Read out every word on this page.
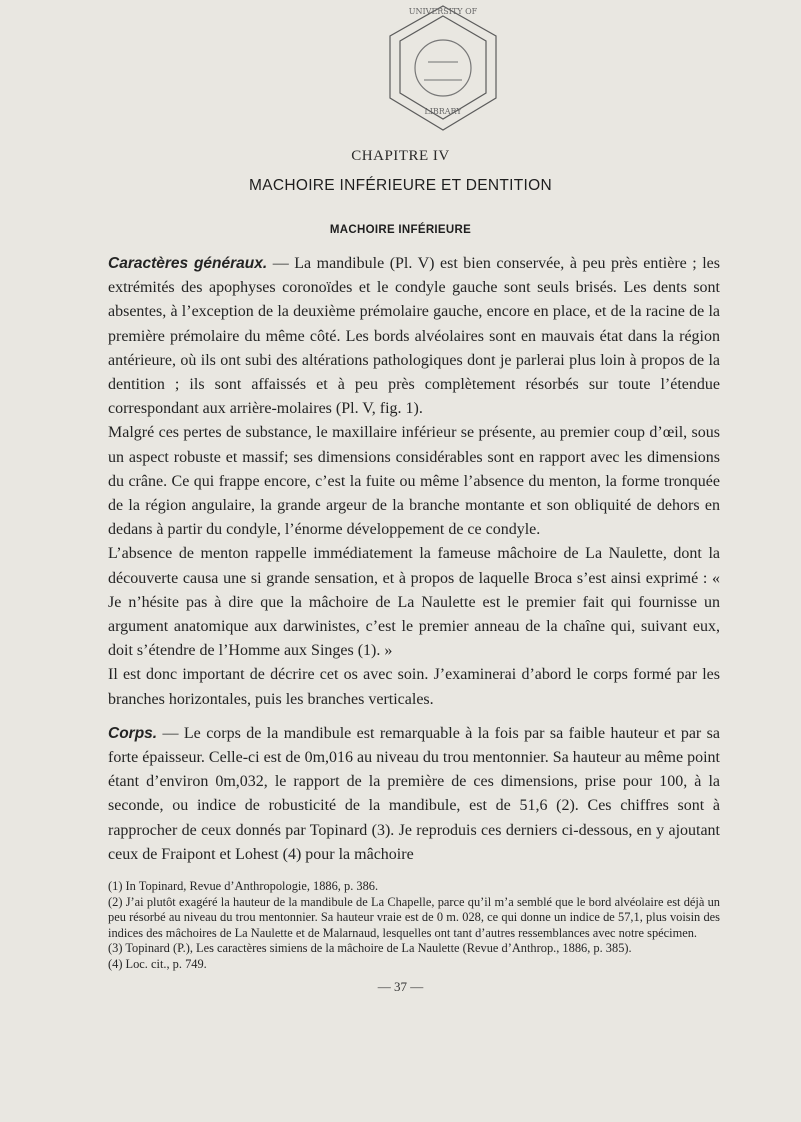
UNIVERSITY OF
LIBRARY
CHAPITRE IV
MACHOIRE INFÉRIEURE ET DENTITION
MACHOIRE INFÉRIEURE

Caractères généraux. — La mandibule (Pl. V) est bien conservée, à peu près entière ; les extrémités des apophyses coronoïdes et le condyle gauche sont seuls brisés. Les dents sont absentes, à l’exception de la deuxième prémolaire gauche, encore en place, et de la racine de la première prémolaire du même côté. Les bords alvéolaires sont en mauvais état dans la région antérieure, où ils ont subi des altérations pathologiques dont je parlerai plus loin à propos de la dentition ; ils sont affaissés et à peu près complètement résorbés sur toute l’étendue correspondant aux arrière-molaires (Pl. V, fig. 1).

Malgré ces pertes de substance, le maxillaire inférieur se présente, au premier coup d’œil, sous un aspect robuste et massif; ses dimensions considérables sont en rapport avec les dimensions du crâne. Ce qui frappe encore, c’est la fuite ou même l’absence du menton, la forme tronquée de la région angulaire, la grande argeur de la branche montante et son obliquité de dehors en dedans à partir du condyle, l’énorme développement de ce condyle.

L’absence de menton rappelle immédiatement la fameuse mâchoire de La Naulette, dont la découverte causa une si grande sensation, et à propos de laquelle Broca s’est ainsi exprimé : « Je n’hésite pas à dire que la mâchoire de La Naulette est le premier fait qui fournisse un argument anatomique aux darwinistes, c’est le premier anneau de la chaîne qui, suivant eux, doit s’étendre de l’Homme aux Singes (1). »

Il est donc important de décrire cet os avec soin. J’examinerai d’abord le corps formé par les branches horizontales, puis les branches verticales.

Corps. — Le corps de la mandibule est remarquable à la fois par sa faible hauteur et par sa forte épaisseur. Celle-ci est de 0m,016 au niveau du trou mentonnier. Sa hauteur au même point étant d’environ 0m,032, le rapport de la première de ces dimensions, prise pour 100, à la seconde, ou indice de robusticité de la mandibule, est de 51,6 (2). Ces chiffres sont à rapprocher de ceux donnés par Topinard (3). Je reproduis ces derniers ci-dessous, en y ajoutant ceux de Fraipont et Lohest (4) pour la mâchoire

(1) In Topinard, Revue d’Anthropologie, 1886, p. 386.

(2) J’ai plutôt exagéré la hauteur de la mandibule de La Chapelle, parce qu’il m’a semblé que le bord alvéolaire est déjà un peu résorbé au niveau du trou mentonnier. Sa hauteur vraie est de 0 m. 028, ce qui donne un indice de 57,1, plus voisin des indices des mâchoires de La Naulette et de Malarnaud, lesquelles ont tant d’autres ressemblances avec notre spécimen.

(3) Topinard (P.), Les caractères simiens de la mâchoire de La Naulette (Revue d’Anthrop., 1886, p. 385).

(4) Loc. cit., p. 749.

— 37 —
